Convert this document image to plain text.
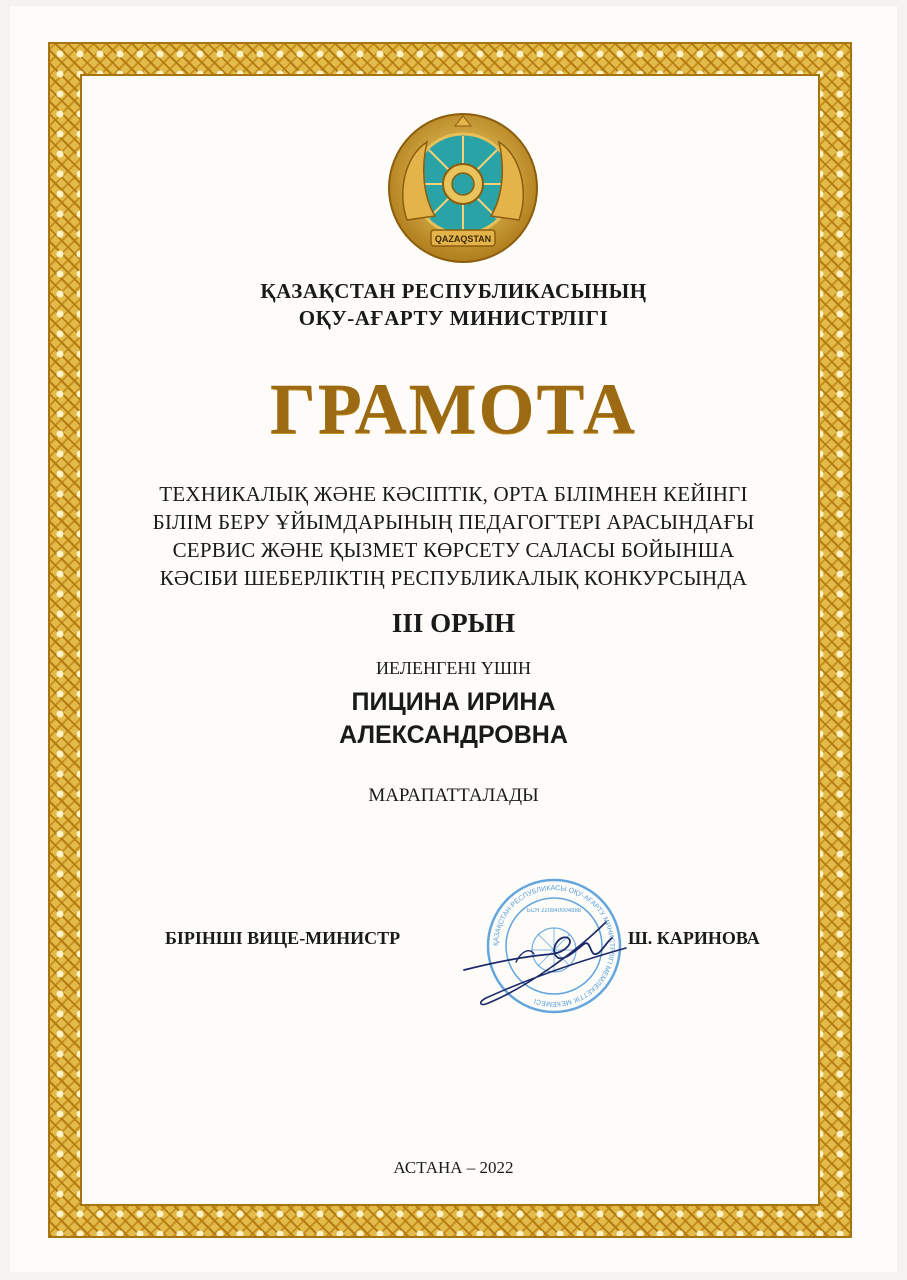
QAZAQSTAN
ҚАЗАҚСТАН РЕСПУБЛИКАСЫНЫҢ
ОҚУ-АҒАРТУ МИНИСТРЛІГІ
ГРАМОТА
ТЕХНИКАЛЫҚ ЖӘНЕ КӘСІПТІК, ОРТА БІЛІМНЕН КЕЙІНГІ
БІЛІМ БЕРУ ҰЙЫМДАРЫНЫҢ ПЕДАГОГТЕРІ АРАСЫНДАҒЫ
СЕРВИС ЖӘНЕ ҚЫЗМЕТ КӨРСЕТУ САЛАСЫ БОЙЫНША
КӘСІБИ ШЕБЕРЛІКТІҢ РЕСПУБЛИКАЛЫҚ КОНКУРСЫНДА
III ОРЫН
ИЕЛЕНГЕНІ ҮШІН
ПИЦИНА ИРИНА
АЛЕКСАНДРОВНА
МАРАПАТТАЛАДЫ
БІРІНШІ ВИЦЕ-МИНИСТР	ҚАЗАҚСТАН РЕСПУБЛИКАСЫ ОҚУ-АҒАРТУ МИНИСТРЛІГІ МЕМЛЕКЕТТІК МЕКЕМЕСІ
БСН 220840004888
Ш. КАРИНОВА
АСТАНА – 2022
